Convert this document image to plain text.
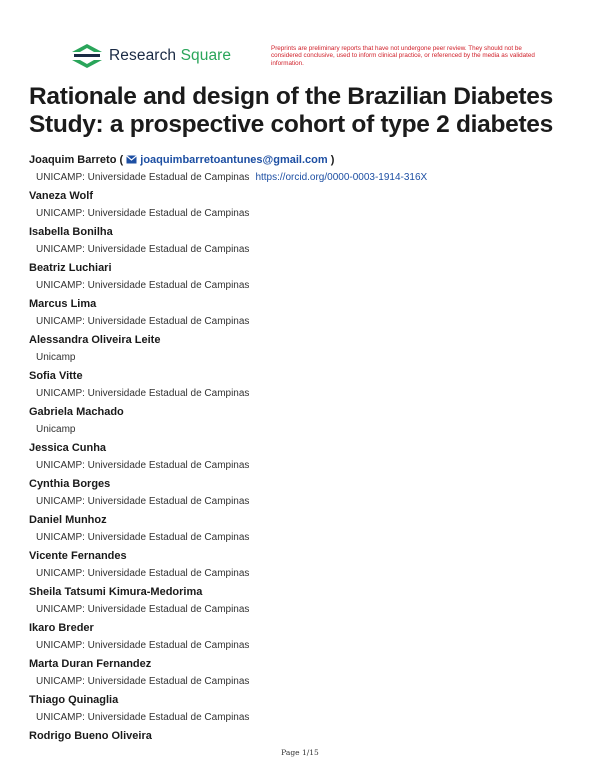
Research Square	Preprints are preliminary reports that have not undergone peer review. They should not be considered conclusive, used to inform clinical practice, or referenced by the media as validated information.
Rationale and design of the Brazilian Diabetes Study: a prospective cohort of type 2 diabetes
Joaquim Barreto ( joaquimbarretoantunes@gmail.com )
UNICAMP: Universidade Estadual de Campinas https://orcid.org/0000-0003-1914-316X
Vaneza Wolf
UNICAMP: Universidade Estadual de Campinas
Isabella Bonilha
UNICAMP: Universidade Estadual de Campinas
Beatriz Luchiari
UNICAMP: Universidade Estadual de Campinas
Marcus Lima
UNICAMP: Universidade Estadual de Campinas
Alessandra Oliveira Leite
Unicamp
Sofia Vitte
UNICAMP: Universidade Estadual de Campinas
Gabriela Machado
Unicamp
Jessica Cunha
UNICAMP: Universidade Estadual de Campinas
Cynthia Borges
UNICAMP: Universidade Estadual de Campinas
Daniel Munhoz
UNICAMP: Universidade Estadual de Campinas
Vicente Fernandes
UNICAMP: Universidade Estadual de Campinas
Sheila Tatsumi Kimura-Medorima
UNICAMP: Universidade Estadual de Campinas
Ikaro Breder
UNICAMP: Universidade Estadual de Campinas
Marta Duran Fernandez
UNICAMP: Universidade Estadual de Campinas
Thiago Quinaglia
UNICAMP: Universidade Estadual de Campinas
Rodrigo Bueno Oliveira
Page 1/15
